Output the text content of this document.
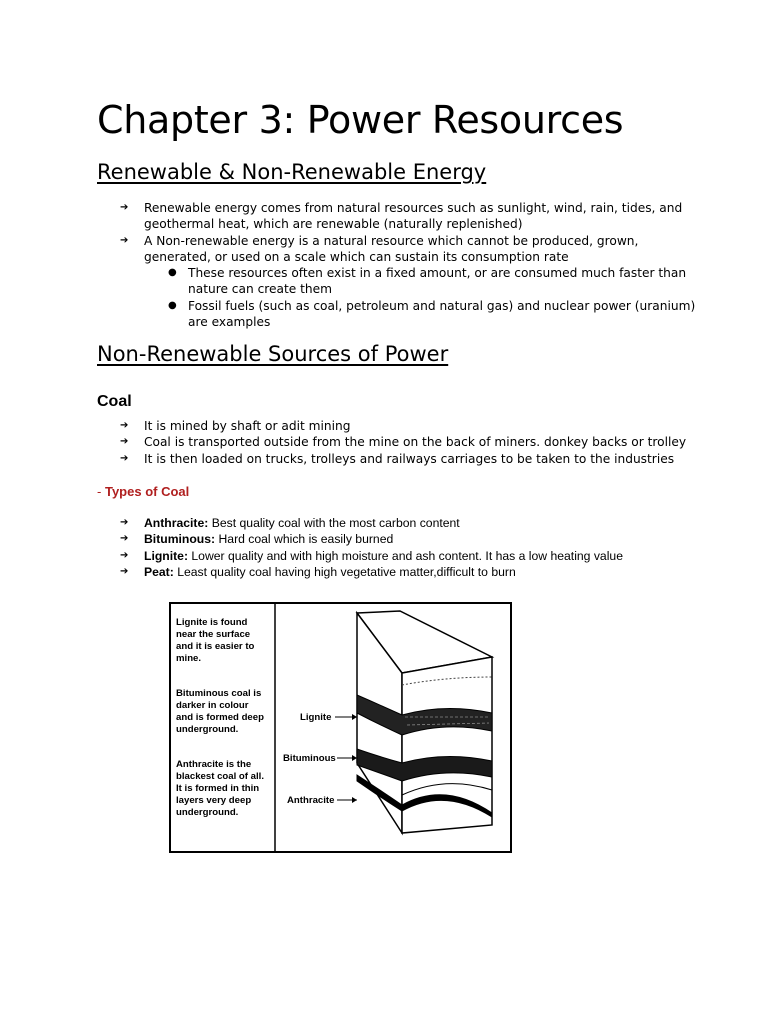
Chapter 3: Power Resources
Renewable & Non-Renewable Energy
➔ Renewable energy comes from natural resources such as sunlight, wind, rain, tides, and geothermal heat, which are renewable (naturally replenished)
➔ A Non-renewable energy is a natural resource which cannot be produced, grown, generated, or used on a scale which can sustain its consumption rate
● These resources often exist in a fixed amount, or are consumed much faster than nature can create them
● Fossil fuels (such as coal, petroleum and natural gas) and nuclear power (uranium) are examples
Non-Renewable Sources of Power
Coal
➔ It is mined by shaft or adit mining
➔ Coal is transported outside from the mine on the back of miners. donkey backs or trolley
➔ It is then loaded on trucks, trolleys and railways carriages to be taken to the industries
- Types of Coal
➔ Anthracite: Best quality coal with the most carbon content
➔ Bituminous: Hard coal which is easily burned
➔ Lignite: Lower quality and with high moisture and ash content. It has a low heating value
➔ Peat: Least quality coal having high vegetative matter,difficult to burn
Lignite is found
near the surface
and it is easier to
mine.
Bituminous coal is
darker in colour
and is formed deep
underground.
Anthracite is the
blackest coal of all.
It is formed in thin
layers very deep
underground.
Lignite
Bituminous
Anthracite
